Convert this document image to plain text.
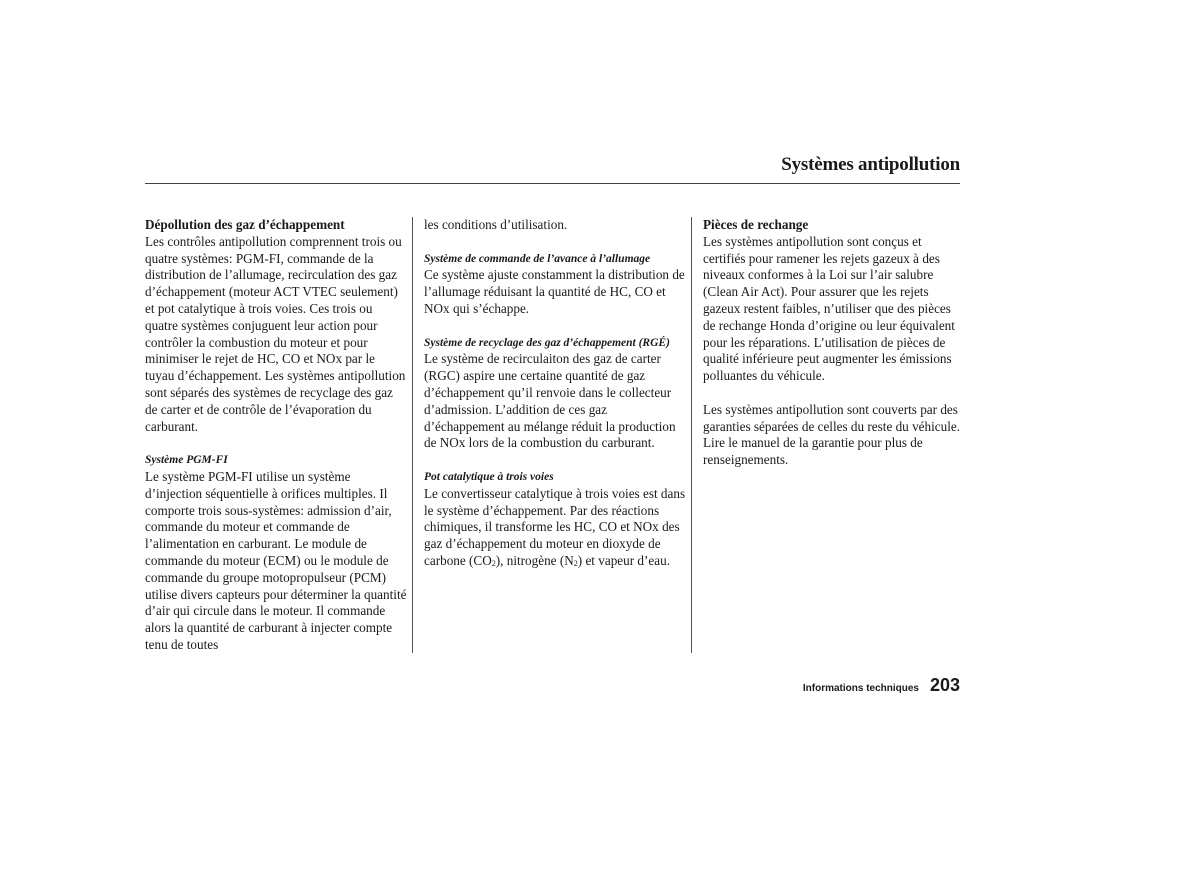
Systèmes antipollution
Dépollution des gaz d’échappement

Les contrôles antipollution comprennent trois ou quatre systèmes: PGM-FI, commande de la distribution de l’allumage, recirculation des gaz d’échappement (moteur ACT VTEC seulement) et pot catalytique à trois voies. Ces trois ou quatre systèmes conjuguent leur action pour contrôler la combustion du moteur et pour minimiser le rejet de HC, CO et NOx par le tuyau d’échappement. Les systèmes antipollution sont séparés des systèmes de recyclage des gaz de carter et de contrôle de l’évaporation du carburant.

Système PGM-FI

Le système PGM-FI utilise un système d’injection séquentielle à orifices multiples. Il comporte trois sous-systèmes: admission d’air, commande du moteur et commande de l’alimentation en carburant. Le module de commande du moteur (ECM) ou le module de commande du groupe motopropulseur (PCM) utilise divers capteurs pour déterminer la quantité d’air qui circule dans le moteur. Il commande alors la quantité de carburant à injecter compte tenu de toutes

les conditions d’utilisation.

Système de commande de l’avance à l’allumage

Ce système ajuste constamment la distribution de l’allumage réduisant la quantité de HC, CO et NOx qui s’échappe.

Système de recyclage des gaz d’échappement (RGÉ)

Le système de recirculaiton des gaz de carter (RGC) aspire une certaine quantité de gaz d’échappement qu’il renvoie dans le collecteur d’admission. L’addition de ces gaz d’échappement au mélange réduit la production de NOx lors de la combustion du carburant.

Pot catalytique à trois voies

Le convertisseur catalytique à trois voies est dans le système d’échappement. Par des réactions chimiques, il transforme les HC, CO et NOx des gaz d’échappement du moteur en dioxyde de carbone $(CO_2)$, nitrogène $(N_2)$ et vapeur d’eau.

Pièces de rechange

Les systèmes antipollution sont conçus et certifiés pour ramener les rejets gazeux à des niveaux conformes à la Loi sur l’air salubre (Clean Air Act). Pour assurer que les rejets gazeux restent faibles, n’utiliser que des pièces de rechange Honda d’origine ou leur équivalent pour les réparations. L’utilisation de pièces de qualité inférieure peut augmenter les émissions polluantes du véhicule.

Les systèmes antipollution sont couverts par des garanties séparées de celles du reste du véhicule. Lire le manuel de la garantie pour plus de renseignements.

Informations techniques 203
